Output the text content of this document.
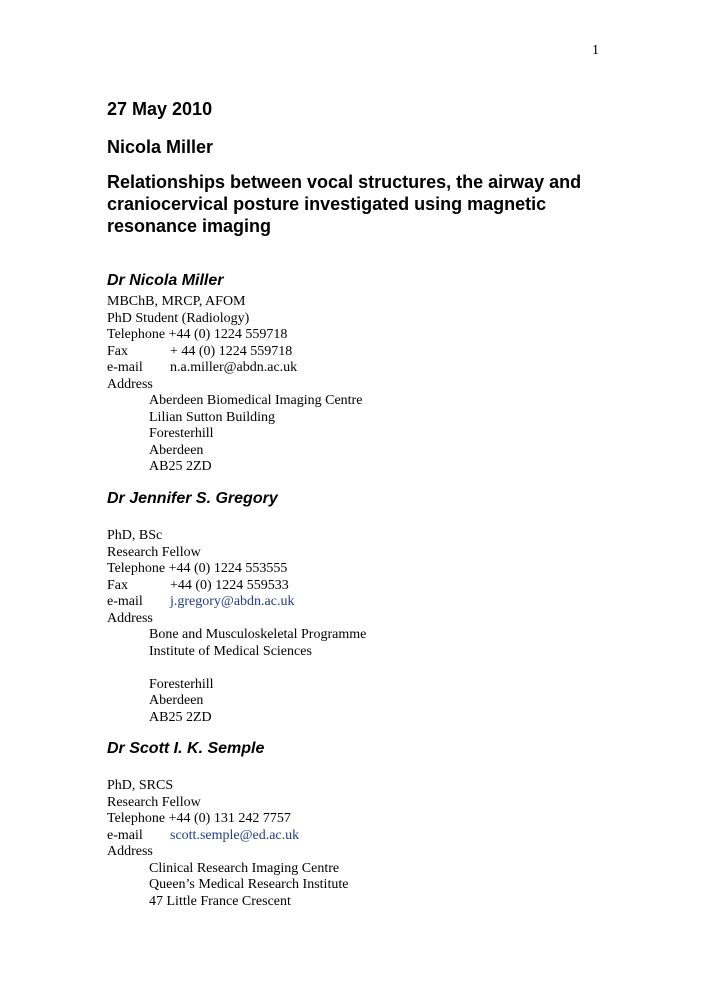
1
27 May 2010
Nicola Miller
Relationships between vocal structures, the airway and craniocervical posture investigated using magnetic resonance imaging
Dr Nicola Miller
MBChB, MRCP, AFOM
PhD Student (Radiology)
Telephone +44 (0) 1224 559718
Fax	+ 44 (0) 1224 559718
e-mail n.a.miller@abdn.ac.uk
Address
Aberdeen Biomedical Imaging Centre
Lilian Sutton Building
Foresterhill
Aberdeen
AB25 2ZD
Dr Jennifer S. Gregory
PhD, BSc
Research Fellow
Telephone +44 (0) 1224 553555
Fax	+44 (0) 1224 559533
e-mail j.gregory@abdn.ac.uk
Address
Bone and Musculoskeletal Programme
Institute of Medical Sciences
Foresterhill
Aberdeen
AB25 2ZD
Dr Scott I. K. Semple
PhD, SRCS
Research Fellow
Telephone +44 (0) 131 242 7757
e-mail scott.semple@ed.ac.uk
Address
Clinical Research Imaging Centre
Queen’s Medical Research Institute
47 Little France Crescent
